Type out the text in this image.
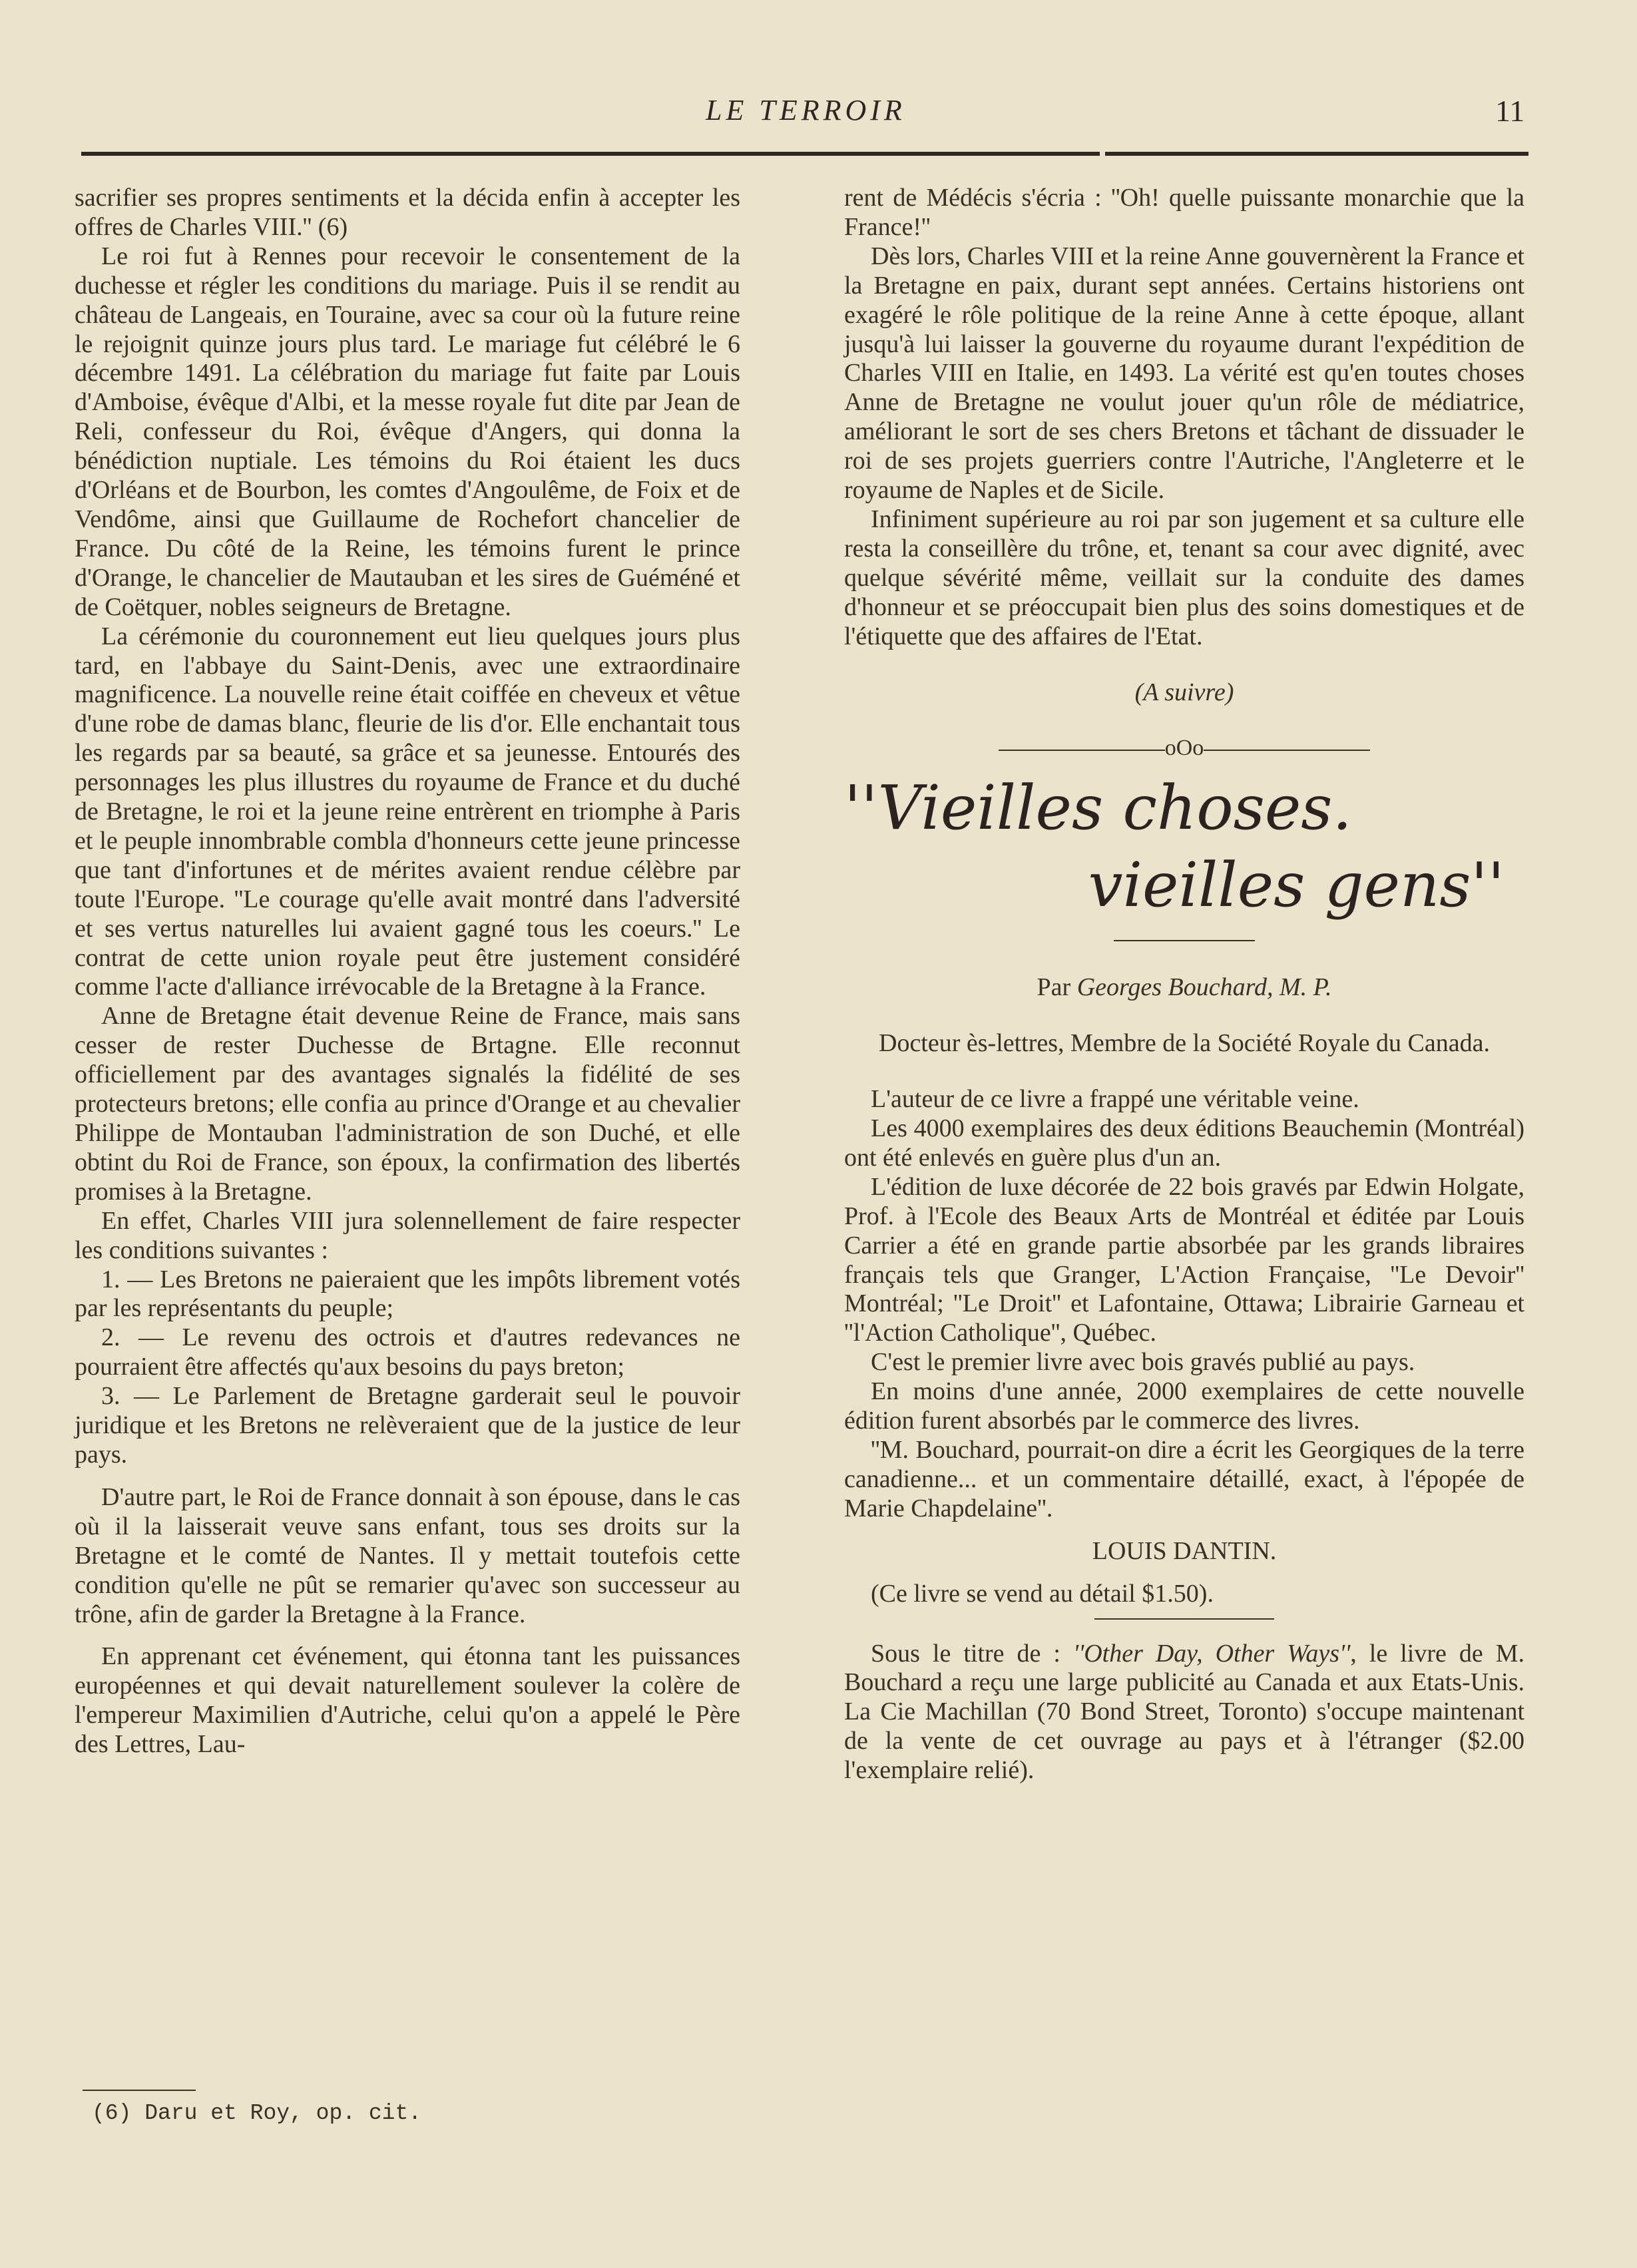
LE TERROIR	11

sacrifier ses propres sentiments et la décida enfin à accepter les offres de Charles VIII.'' (6)

Le roi fut à Rennes pour recevoir le consentement de la duchesse et régler les conditions du mariage. Puis il se rendit au château de Langeais, en Touraine, avec sa cour où la future reine le rejoignit quinze jours plus tard. Le mariage fut célébré le 6 décembre 1491. La célébration du mariage fut faite par Louis d'Amboise, évêque d'Albi, et la messe royale fut dite par Jean de Reli, confesseur du Roi, évêque d'Angers, qui donna la bénédiction nuptiale. Les témoins du Roi étaient les ducs d'Orléans et de Bourbon, les comtes d'Angoulême, de Foix et de Vendôme, ainsi que Guillaume de Rochefort chancelier de France. Du côté de la Reine, les témoins furent le prince d'Orange, le chancelier de Mautauban et les sires de Guéméné et de Coëtquer, nobles seigneurs de Bretagne.

La cérémonie du couronnement eut lieu quelques jours plus tard, en l'abbaye du Saint-Denis, avec une extraordinaire magnificence. La nouvelle reine était coiffée en cheveux et vêtue d'une robe de damas blanc, fleurie de lis d'or. Elle enchantait tous les regards par sa beauté, sa grâce et sa jeunesse. Entourés des personnages les plus illustres du royaume de France et du duché de Bretagne, le roi et la jeune reine entrèrent en triomphe à Paris et le peuple innombrable combla d'honneurs cette jeune princesse que tant d'infortunes et de mérites avaient rendue célèbre par toute l'Europe. ''Le courage qu'elle avait montré dans l'adversité et ses vertus naturelles lui avaient gagné tous les coeurs.'' Le contrat de cette union royale peut être justement considéré comme l'acte d'alliance irrévocable de la Bretagne à la France.

Anne de Bretagne était devenue Reine de France, mais sans cesser de rester Duchesse de Brtagne. Elle reconnut officiellement par des avantages signalés la fidélité de ses protecteurs bretons; elle confia au prince d'Orange et au chevalier Philippe de Montauban l'administration de son Duché, et elle obtint du Roi de France, son époux, la confirmation des libertés promises à la Bretagne.

En effet, Charles VIII jura solennellement de faire respecter les conditions suivantes :

1. — Les Bretons ne paieraient que les impôts librement votés par les représentants du peuple;

2. — Le revenu des octrois et d'autres redevances ne pourraient être affectés qu'aux besoins du pays breton;

3. — Le Parlement de Bretagne garderait seul le pouvoir juridique et les Bretons ne relèveraient que de la justice de leur pays.

D'autre part, le Roi de France donnait à son épouse, dans le cas où il la laisserait veuve sans enfant, tous ses droits sur la Bretagne et le comté de Nantes. Il y mettait toutefois cette condition qu'elle ne pût se remarier qu'avec son successeur au trône, afin de garder la Bretagne à la France.

En apprenant cet événement, qui étonna tant les puissances européennes et qui devait naturellement soulever la colère de l'empereur Maximilien d'Autriche, celui qu'on a appelé le Père des Lettres, Lau-

rent de Médécis s'écria : ''Oh! quelle puissante monarchie que la France!''

Dès lors, Charles VIII et la reine Anne gouvernèrent la France et la Bretagne en paix, durant sept années. Certains historiens ont exagéré le rôle politique de la reine Anne à cette époque, allant jusqu'à lui laisser la gouverne du royaume durant l'expédition de Charles VIII en Italie, en 1493. La vérité est qu'en toutes choses Anne de Bretagne ne voulut jouer qu'un rôle de médiatrice, améliorant le sort de ses chers Bretons et tâchant de dissuader le roi de ses projets guerriers contre l'Autriche, l'Angleterre et le royaume de Naples et de Sicile.

Infiniment supérieure au roi par son jugement et sa culture elle resta la conseillère du trône, et, tenant sa cour avec dignité, avec quelque sévérité même, veillait sur la conduite des dames d'honneur et se préoccupait bien plus des soins domestiques et de l'étiquette que des affaires de l'Etat.

(A suivre)

oOo
''Vieilles choses.
vieilles gens''

Par Georges Bouchard, M. P.

Docteur ès-lettres, Membre de la Société Royale du Canada.

L'auteur de ce livre a frappé une véritable veine.

Les 4000 exemplaires des deux éditions Beauchemin (Montréal) ont été enlevés en guère plus d'un an.

L'édition de luxe décorée de 22 bois gravés par Edwin Holgate, Prof. à l'Ecole des Beaux Arts de Montréal et éditée par Louis Carrier a été en grande partie absorbée par les grands libraires français tels que Granger, L'Action Française, ''Le Devoir'' Montréal; ''Le Droit'' et Lafontaine, Ottawa; Librairie Garneau et ''l'Action Catholique'', Québec.

C'est le premier livre avec bois gravés publié au pays.

En moins d'une année, 2000 exemplaires de cette nouvelle édition furent absorbés par le commerce des livres.

''M. Bouchard, pourrait-on dire a écrit les Georgiques de la terre canadienne... et un commentaire détaillé, exact, à l'épopée de Marie Chapdelaine''.

LOUIS DANTIN.

(Ce livre se vend au détail $1.50).

Sous le titre de : ''Other Day, Other Ways'', le livre de M. Bouchard a reçu une large publicité au Canada et aux Etats-Unis. La Cie Machillan (70 Bond Street, Toronto) s'occupe maintenant de la vente de cet ouvrage au pays et à l'étranger ($2.00 l'exemplaire relié).

(6) Daru et Roy, op. cit.
